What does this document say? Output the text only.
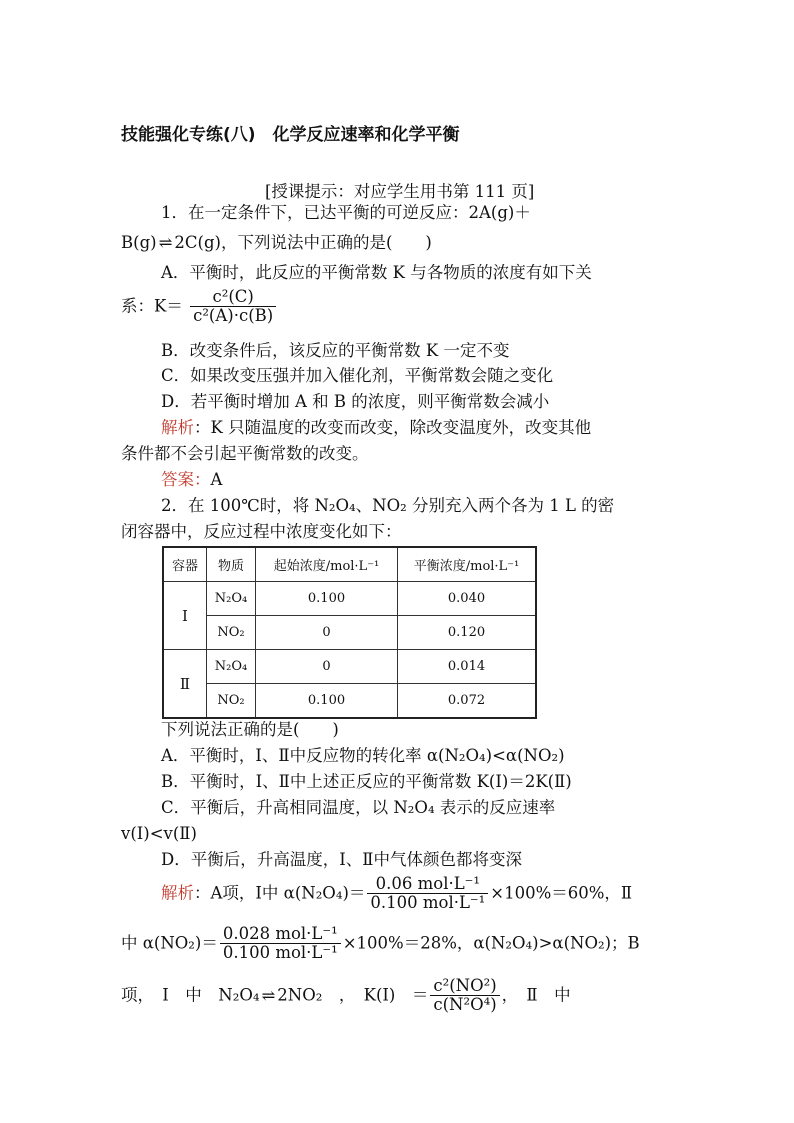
技能强化专练(八)　化学反应速率和化学平衡
[授课提示：对应学生用书第 111 页]
1．在一定条件下，已达平衡的可逆反应：2A(g)＋
B(g) ⇌ 2C(g)，下列说法中正确的是(　　)
A．平衡时，此反应的平衡常数 K 与各物质的浓度有如下关
系：$K= \frac{\text{c²(C)}}{\text{c²(A)·c(B)}}$
B．改变条件后，该反应的平衡常数 K 一定不变
C．如果改变压强并加入催化剂，平衡常数会随之变化
D．若平衡时增加 A 和 B 的浓度，则平衡常数会减小
解析：K 只随温度的改变而改变，除改变温度外，改变其他
条件都不会引起平衡常数的改变。
答案：A
2．在 100℃时，将 N₂O₄、NO₂ 分别充入两个各为 1 L 的密
闭容器中，反应过程中浓度变化如下：
容器	物质	起始浓度/mol·L⁻¹	平衡浓度/mol·L⁻¹
Ⅰ	N₂O₄	0.100	0.040
	NO₂	0	0.120
Ⅱ	N₂O₄	0	0.014
	NO₂	0.100	0.072
下列说法正确的是(　　)
A．平衡时，Ⅰ、Ⅱ中反应物的转化率 α(N₂O₄)<α(NO₂)
B．平衡时，Ⅰ、Ⅱ中上述正反应的平衡常数 K(Ⅰ)＝2K(Ⅱ)
C．平衡后，升高相同温度，以 N₂O₄ 表示的反应速率
v(Ⅰ)<v(Ⅱ)
D．平衡后，升高温度，Ⅰ、Ⅱ中气体颜色都将变深
解析：A项，Ⅰ中 $\alpha(N_2O_4)= \frac{\text{0.06 mol·L⁻¹}}{\text{0.100 mol·L⁻¹}} \times 100\%=60\%$，Ⅱ
中 $\alpha(NO_2)= \frac{\text{0.028 mol·L⁻¹}}{\text{0.100 mol·L⁻¹}} \times 100\%=28\%$，α(N₂O₄)>α(NO₂)；B
项，　Ⅰ　中　N₂O₄ ⇌ 2NO₂　，　K(Ⅰ)　＝ $\frac{\text{c²(NO²)}}{\text{c(N²O⁴)}}$ ，　Ⅱ　中
